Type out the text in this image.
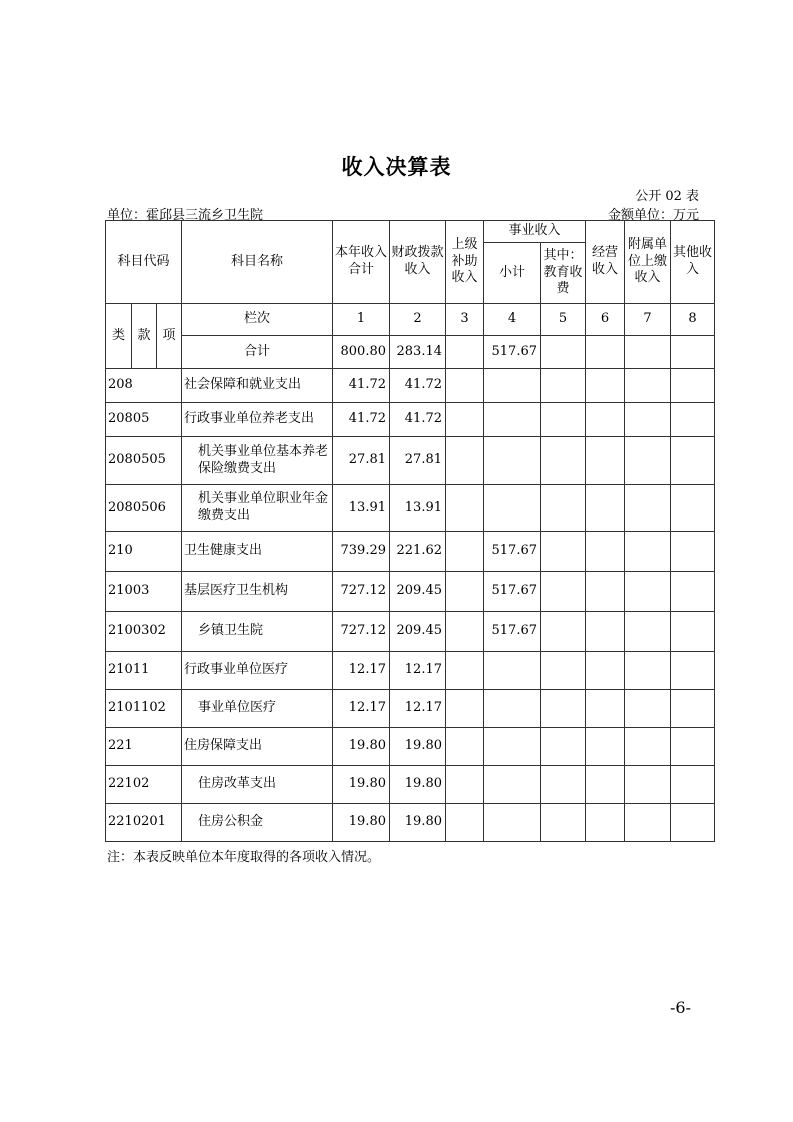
收入决算表
公开 02 表
单位：霍邱县三流乡卫生院	金额单位：万元
科目代码			科目名称	本年收入合计	财政拨款收入	上级补助收入	事业收入		经营收入	附属单位上缴收入	其他收入
							小计	其中：教育收费			
类	款	项	栏次	1	2	3	4	5	6	7	8
			合计	800.80	283.14		517.67				
208			社会保障和就业支出	41.72	41.72						
20805			行政事业单位养老支出	41.72	41.72						
2080505			机关事业单位基本养老保险缴费支出	27.81	27.81						
2080506			机关事业单位职业年金缴费支出	13.91	13.91						
210			卫生健康支出	739.29	221.62		517.67				
21003			基层医疗卫生机构	727.12	209.45		517.67				
2100302			乡镇卫生院	727.12	209.45		517.67				
21011			行政事业单位医疗	12.17	12.17						
2101102			事业单位医疗	12.17	12.17						
221			住房保障支出	19.80	19.80						
22102			住房改革支出	19.80	19.80						
2210201			住房公积金	19.80	19.80						
注：本表反映单位本年度取得的各项收入情况。
-6-
